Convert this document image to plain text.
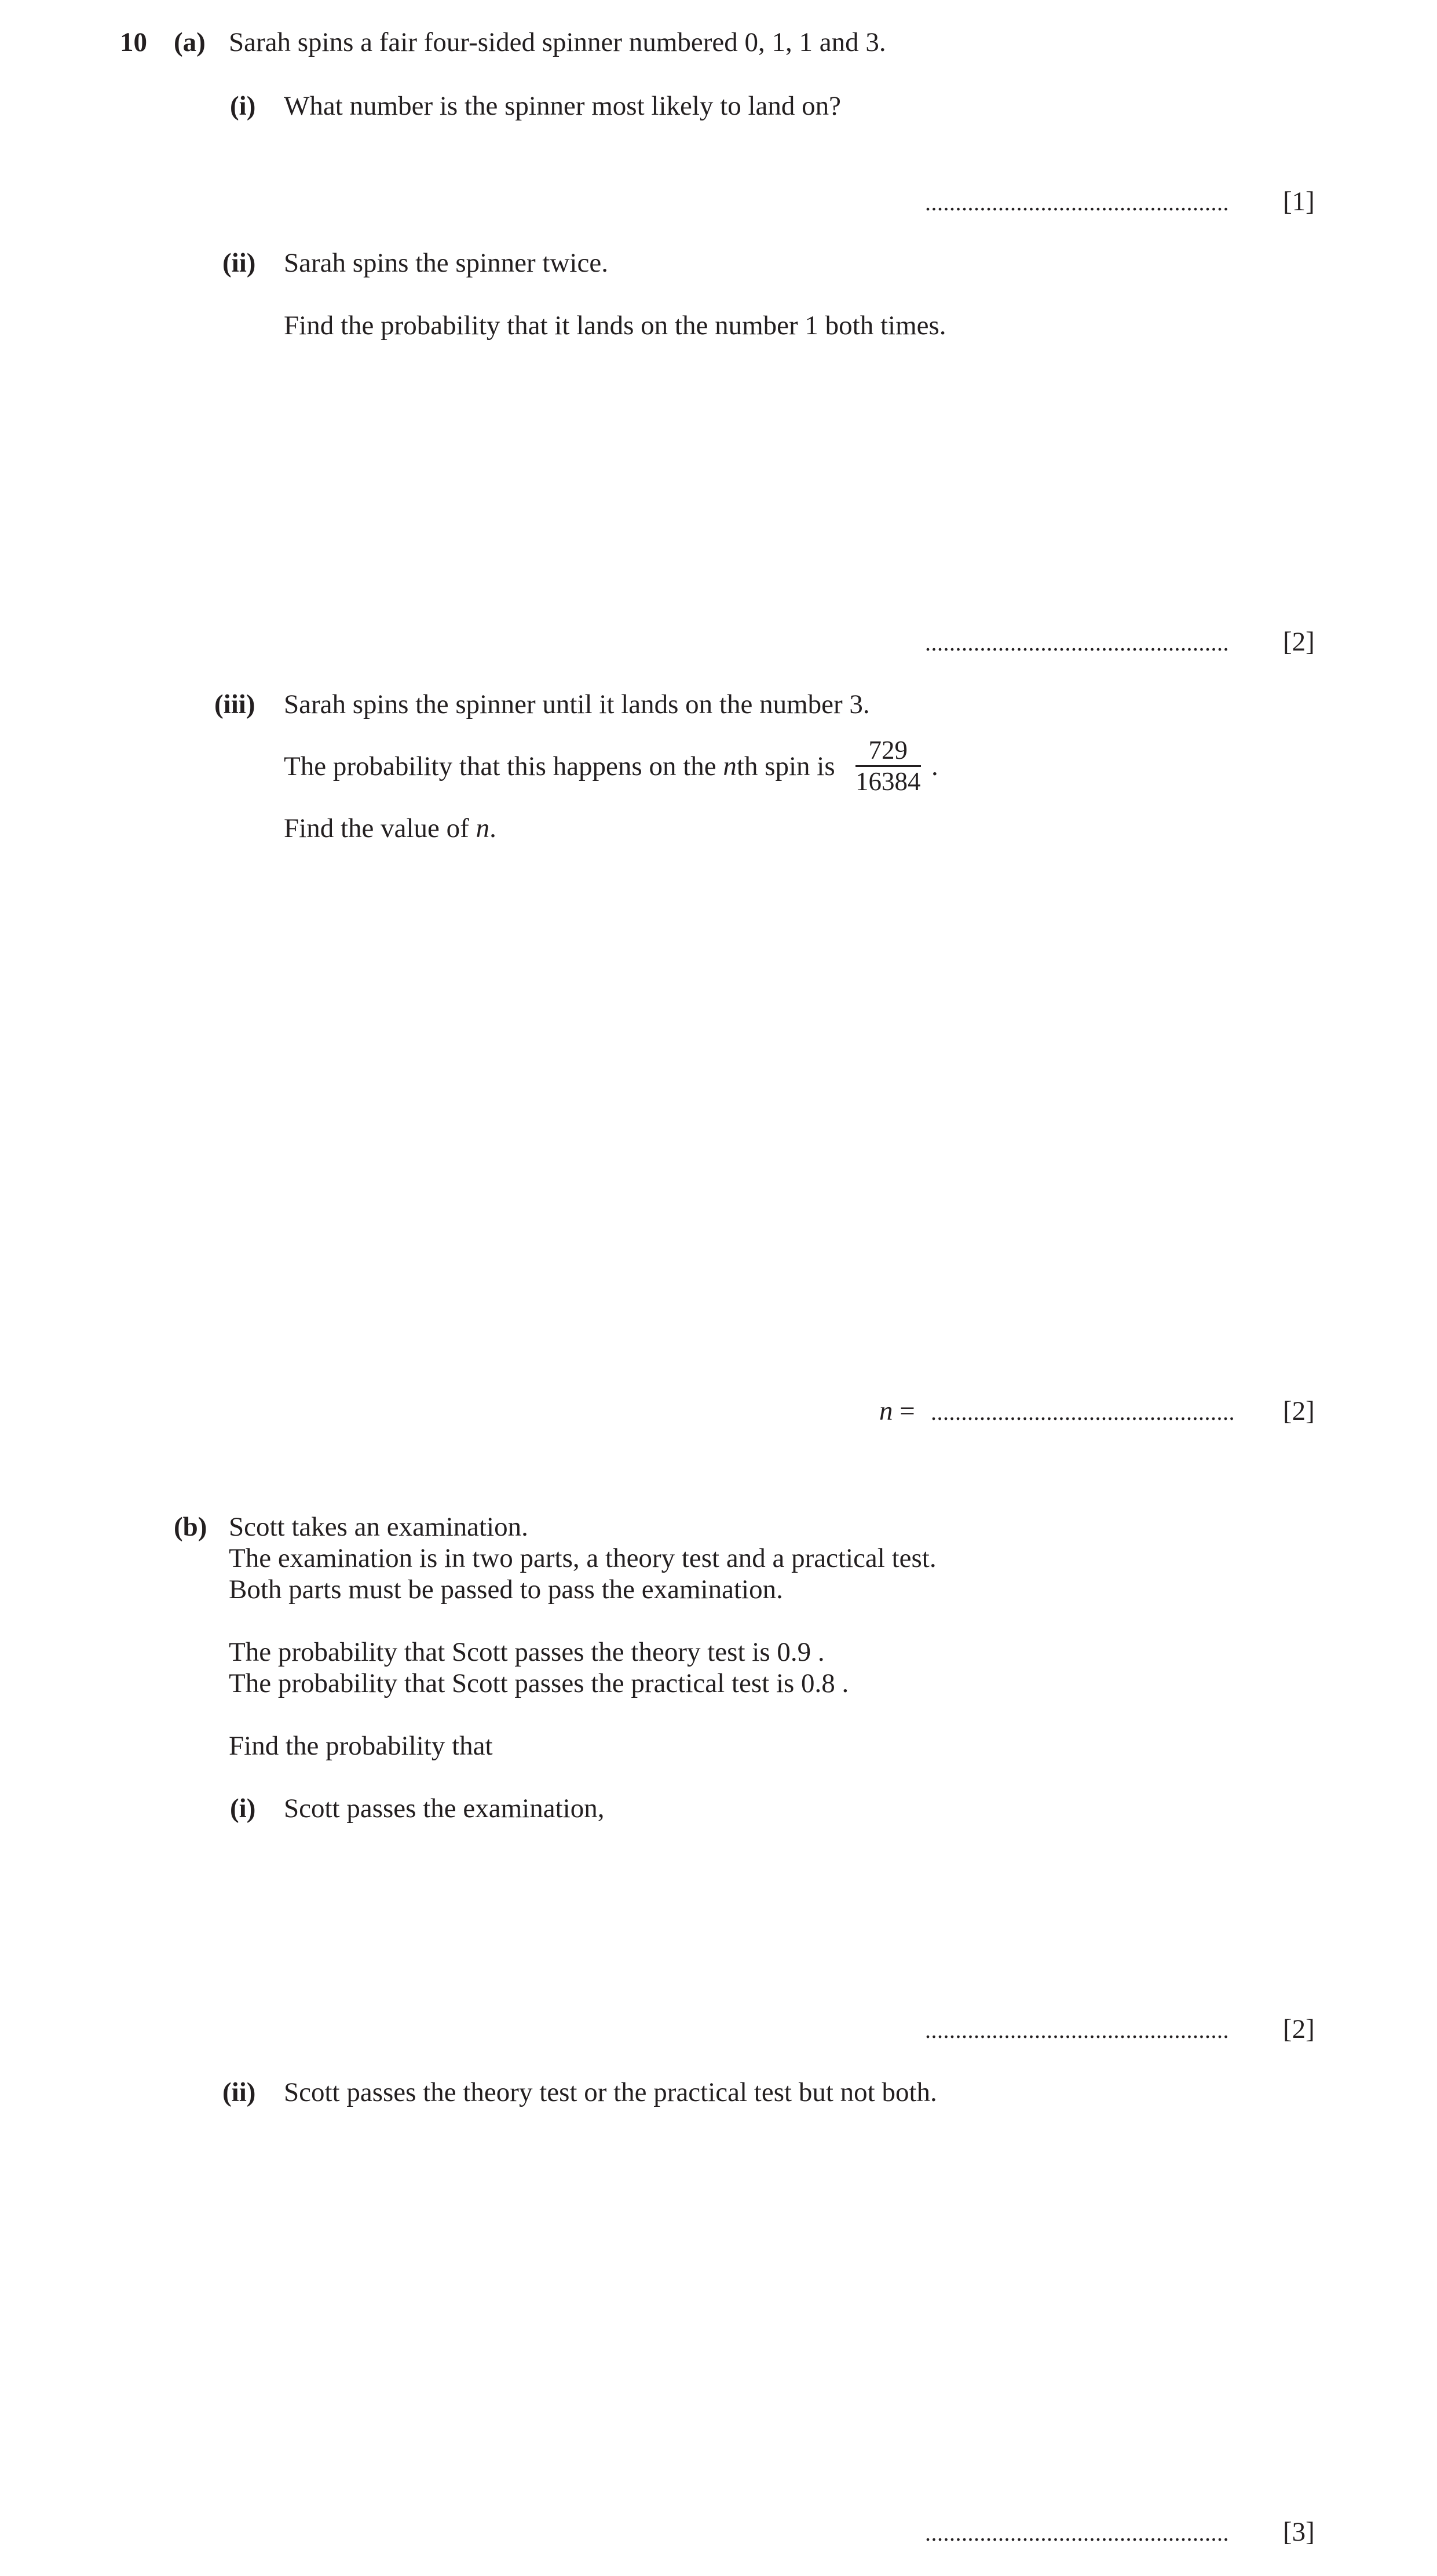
10 (a) Sarah spins a fair four-sided spinner numbered 0, 1, 1 and 3.
(i) What number is the spinner most likely to land on?
.................................................. [1]
(ii) Sarah spins the spinner twice.
Find the probability that it lands on the number 1 both times.
.................................................. [2]
(iii) Sarah spins the spinner until it lands on the number 3.
The probability that this happens on the nth spin is $\frac{729}{16384}$ .
Find the value of n.
n = .................................................. [2]
(b) Scott takes an examination.
The examination is in two parts, a theory test and a practical test.
Both parts must be passed to pass the examination.
The probability that Scott passes the theory test is 0.9 .
The probability that Scott passes the practical test is 0.8 .
Find the probability that
(i) Scott passes the examination,
.................................................. [2]
(ii) Scott passes the theory test or the practical test but not both.
.................................................. [3]
